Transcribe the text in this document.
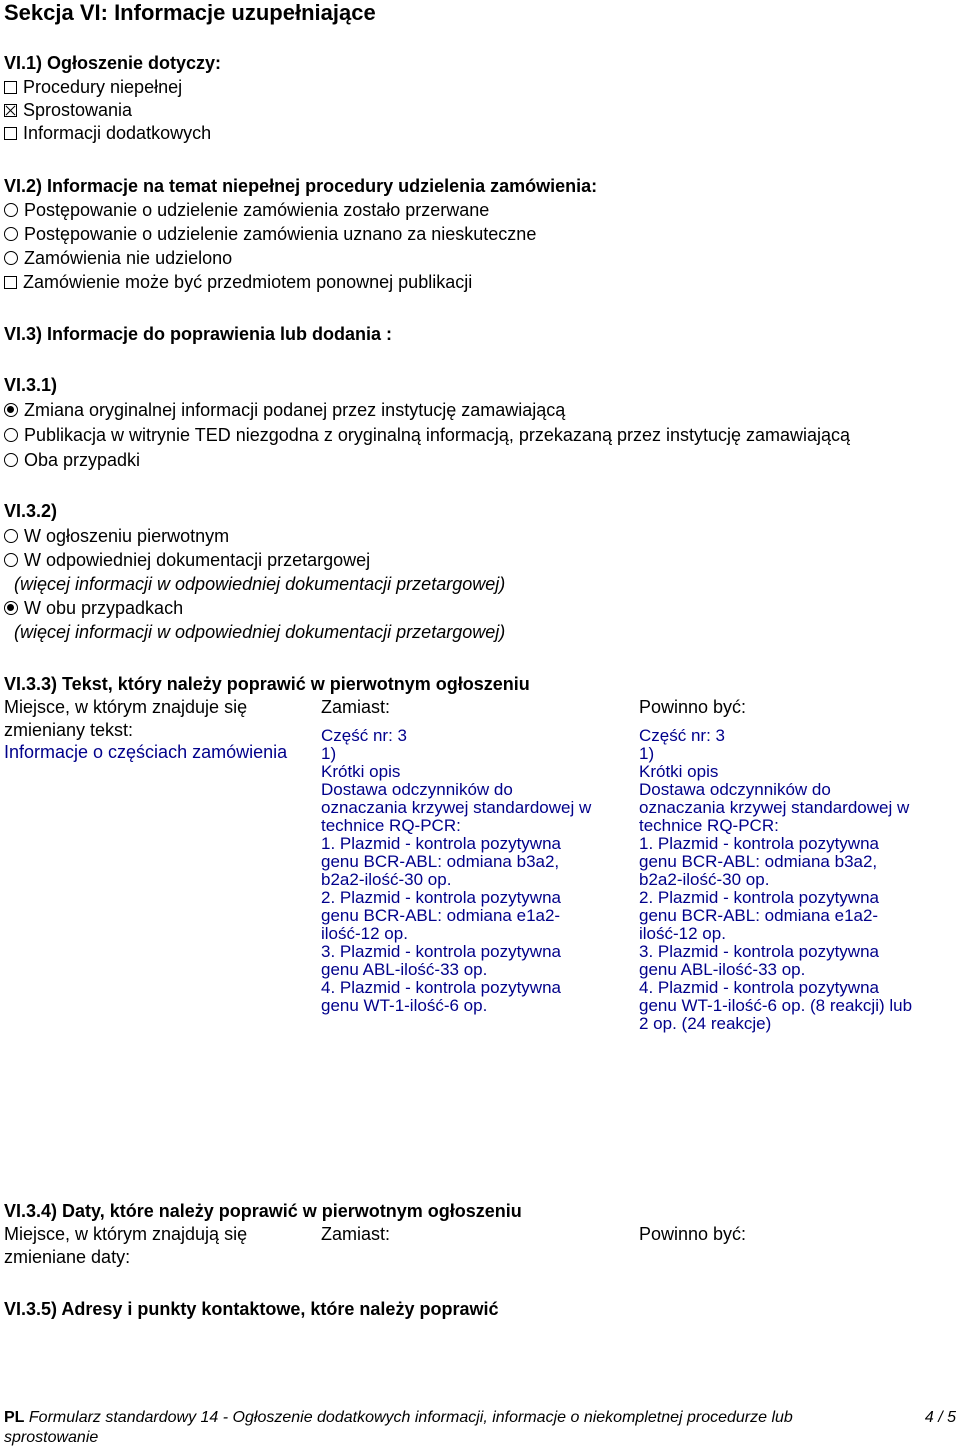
Sekcja VI: Informacje uzupełniające
VI.1) Ogłoszenie dotyczy:
Procedury niepełnej
Sprostowania
Informacji dodatkowych
VI.2) Informacje na temat niepełnej procedury udzielenia zamówienia:
Postępowanie o udzielenie zamówienia zostało przerwane
Postępowanie o udzielenie zamówienia uznano za nieskuteczne
Zamówienia nie udzielono
Zamówienie może być przedmiotem ponownej publikacji
VI.3) Informacje do poprawienia lub dodania :
VI.3.1)
Zmiana oryginalnej informacji podanej przez instytucję zamawiającą
Publikacja w witrynie TED niezgodna z oryginalną informacją, przekazaną przez instytucję zamawiającą
Oba przypadki
VI.3.2)
W ogłoszeniu pierwotnym
W odpowiedniej dokumentacji przetargowej
(więcej informacji w odpowiedniej dokumentacji przetargowej)
W obu przypadkach
(więcej informacji w odpowiedniej dokumentacji przetargowej)
VI.3.3) Tekst, który należy poprawić w pierwotnym ogłoszeniu
Miejsce, w którym znajduje się
zmieniany tekst:
Zamiast:	Powinno być:
Informacje o częściach zamówienia
Część nr: 3
1)
Krótki opis
Dostawa odczynników do
oznaczania krzywej standardowej w
technice RQ-PCR:
1. Plazmid - kontrola pozytywna
genu BCR-ABL: odmiana b3a2,
b2a2-ilość-30 op.
2. Plazmid - kontrola pozytywna
genu BCR-ABL: odmiana e1a2-
ilość-12 op.
3. Plazmid - kontrola pozytywna
genu ABL-ilość-33 op.
4. Plazmid - kontrola pozytywna
genu WT-1-ilość-6 op.
Część nr: 3
1)
Krótki opis
Dostawa odczynników do
oznaczania krzywej standardowej w
technice RQ-PCR:
1. Plazmid - kontrola pozytywna
genu BCR-ABL: odmiana b3a2,
b2a2-ilość-30 op.
2. Plazmid - kontrola pozytywna
genu BCR-ABL: odmiana e1a2-
ilość-12 op.
3. Plazmid - kontrola pozytywna
genu ABL-ilość-33 op.
4. Plazmid - kontrola pozytywna
genu WT-1-ilość-6 op. (8 reakcji) lub
2 op. (24 reakcje)
VI.3.4) Daty, które należy poprawić w pierwotnym ogłoszeniu
Miejsce, w którym znajdują się
zmieniane daty:
Zamiast:	Powinno być:
VI.3.5) Adresy i punkty kontaktowe, które należy poprawić
PL Formularz standardowy 14 - Ogłoszenie dodatkowych informacji, informacje o niekompletnej procedurze lub sprostowanie
4 / 5
